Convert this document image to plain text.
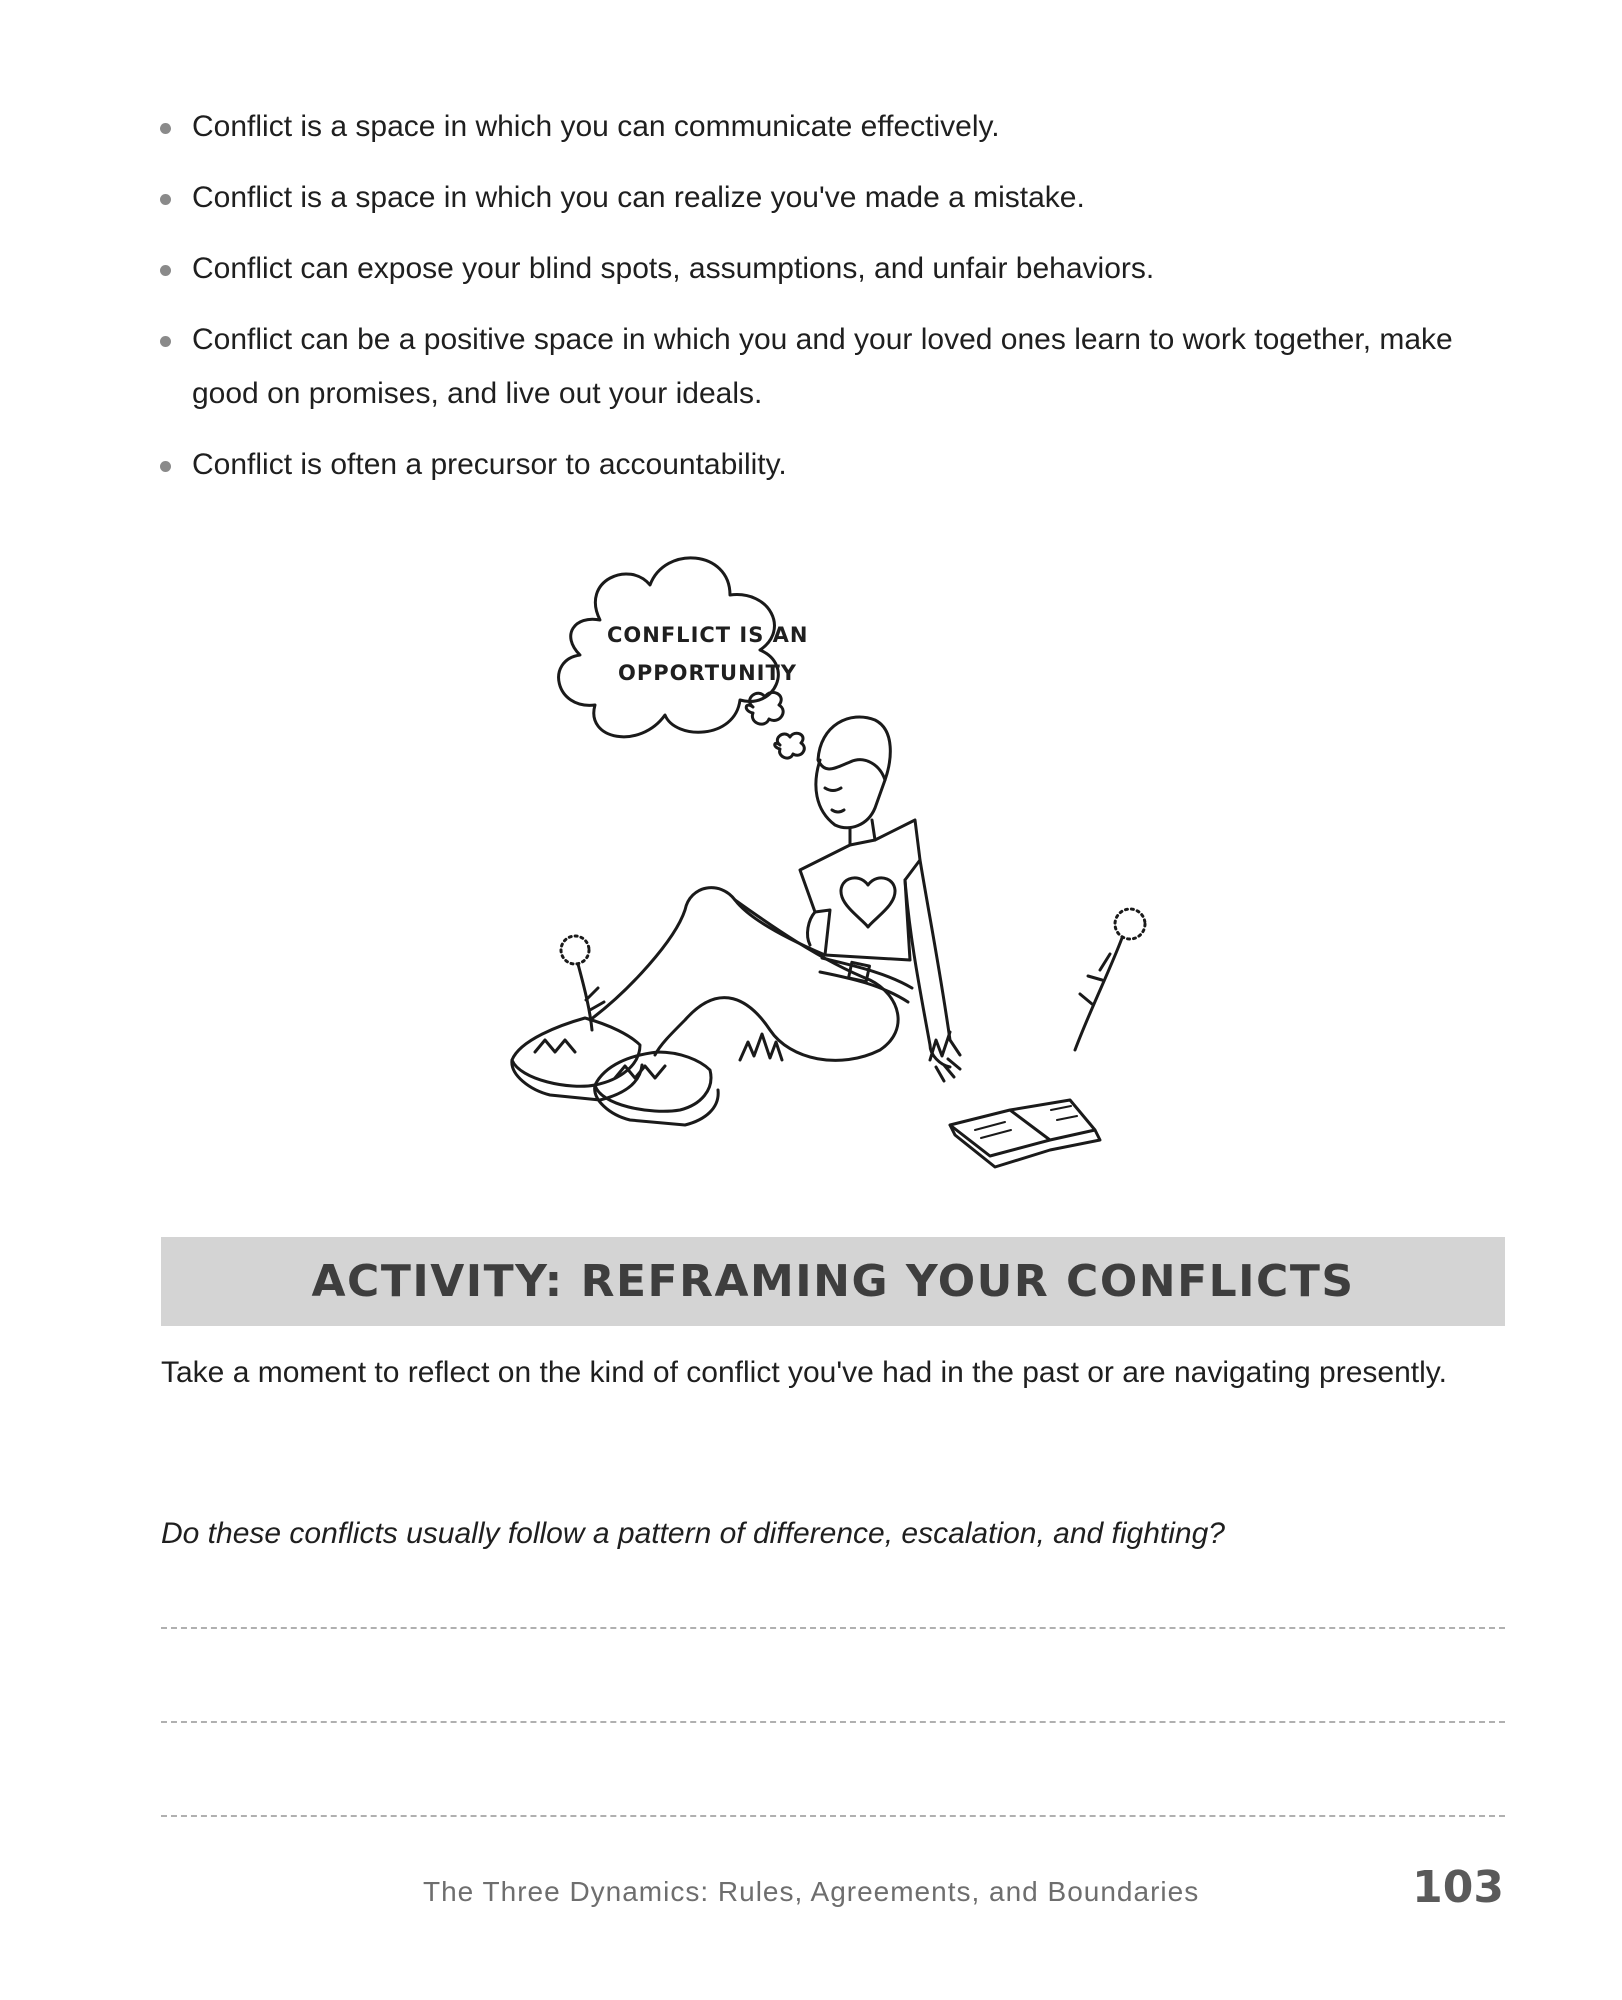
Conflict is a space in which you can communicate effectively.
Conflict is a space in which you can realize you've made a mistake.
Conflict can expose your blind spots, assumptions, and unfair behaviors.
Conflict can be a positive space in which you and your loved ones learn to work together, make good on promises, and live out your ideals.
Conflict is often a precursor to accountability.
CONFLICT IS AN
OPPORTUNITY
ACTIVITY: REFRAMING YOUR CONFLICTS

Take a moment to reflect on the kind of conflict you've had in the past or are navigating presently.

Do these conflicts usually follow a pattern of difference, escalation, and fighting?

The Three Dynamics: Rules, Agreements, and Boundaries	103
